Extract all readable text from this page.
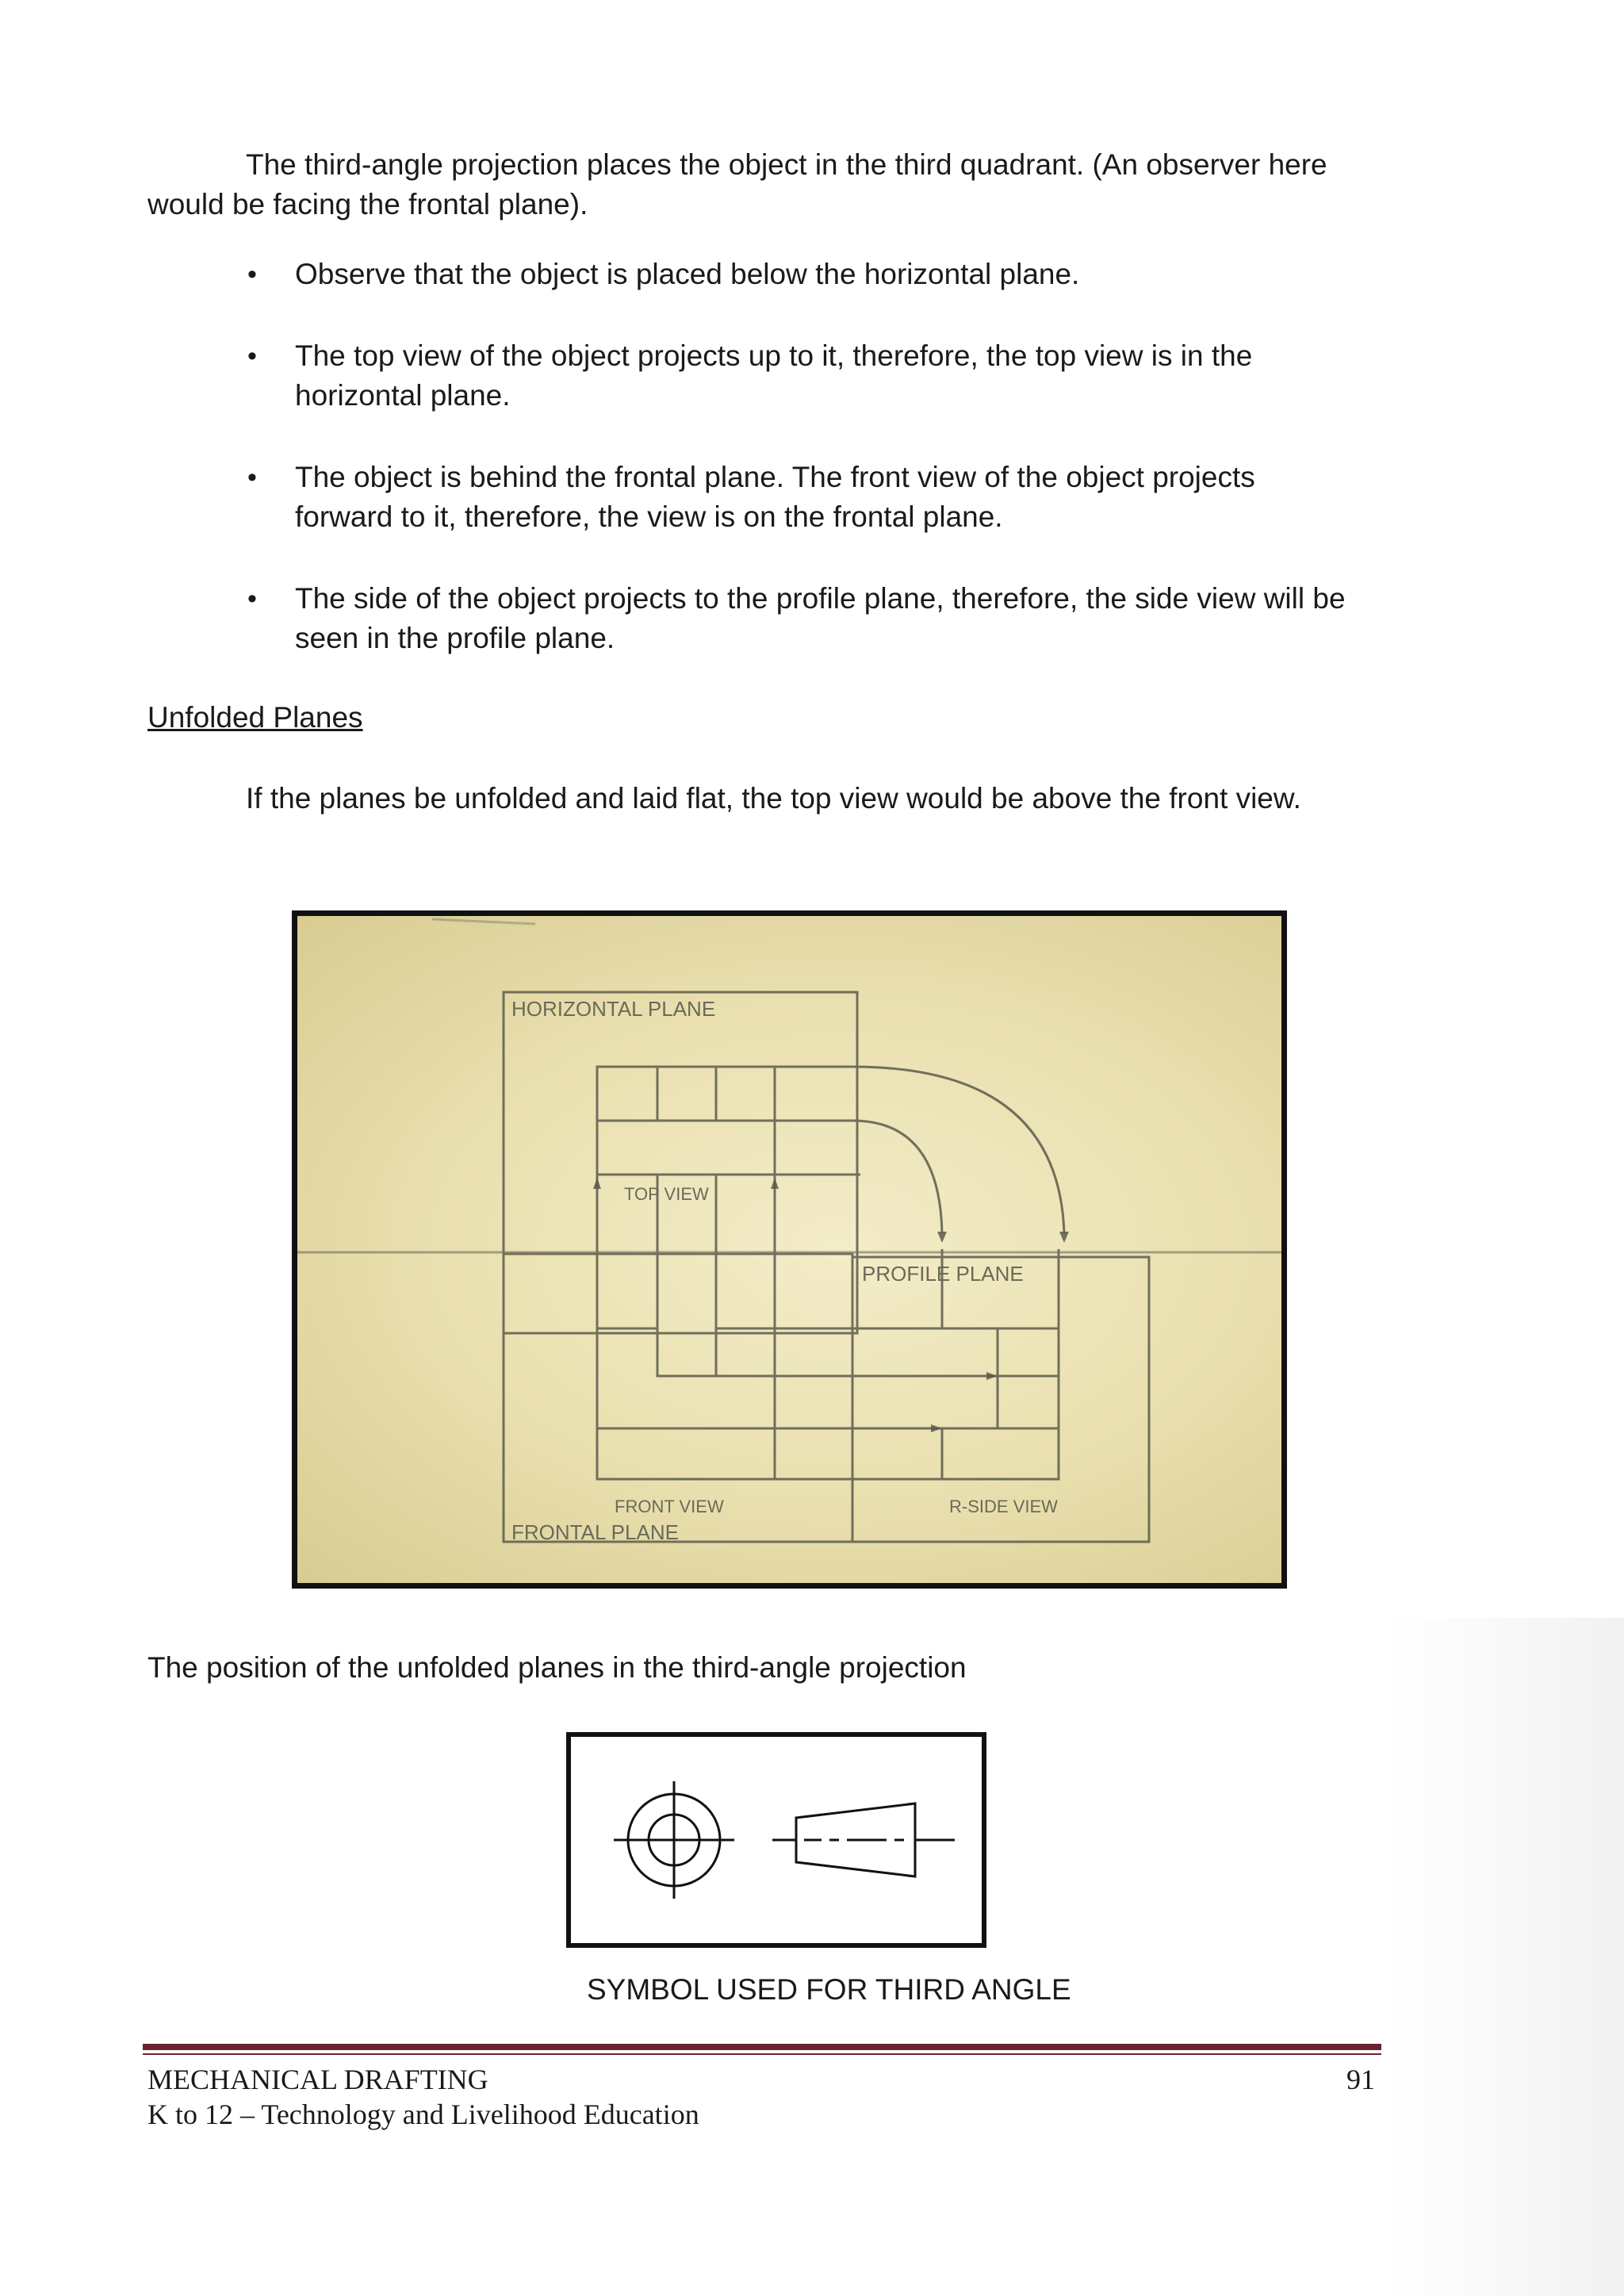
The third-angle projection places the object in the third quadrant. (An observer here

would be facing the frontal plane).

• Observe that the object is placed below the horizontal plane.

• The top view of the object projects up to it, therefore, the top view is in the

horizontal plane.

• The object is behind the frontal plane. The front view of the object projects

forward to it, therefore, the view is on the frontal plane.

• The side of the object projects to the profile plane, therefore, the side view will be

seen in the profile plane.

Unfolded Planes

If the planes be unfolded and laid flat, the top view would be above the front view.

HORIZONTAL PLANE
TOP VIEW
PROFILE PLANE
FRONT VIEW
FRONTAL PLANE
R-SIDE VIEW

The position of the unfolded planes in the third-angle projection

SYMBOL USED FOR THIRD ANGLE

MECHANICAL DRAFTING
K to 12 – Technology and Livelihood Education
91
